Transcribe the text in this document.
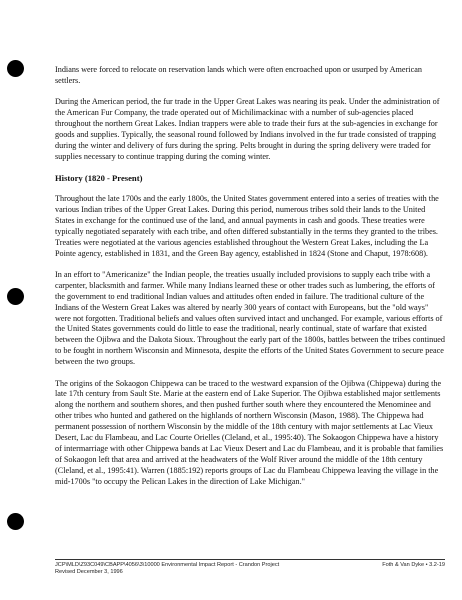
Indians were forced to relocate on reservation lands which were often encroached upon or usurped by American settlers.

During the American period, the fur trade in the Upper Great Lakes was nearing its peak. Under the administration of the American Fur Company, the trade operated out of Michilimackinac with a number of sub-agencies placed throughout the northern Great Lakes. Indian trappers were able to trade their furs at the sub-agencies in exchange for goods and supplies. Typically, the seasonal round followed by Indians involved in the fur trade consisted of trapping during the winter and delivery of furs during the spring. Pelts brought in during the spring delivery were traded for supplies necessary to continue trapping during the coming winter.

History (1820 - Present)

Throughout the late 1700s and the early 1800s, the United States government entered into a series of treaties with the various Indian tribes of the Upper Great Lakes. During this period, numerous tribes sold their lands to the United States in exchange for the continued use of the land, and annual payments in cash and goods. These treaties were typically negotiated separately with each tribe, and often differed substantially in the terms they granted to the tribes. Treaties were negotiated at the various agencies established throughout the Western Great Lakes, including the La Pointe agency, established in 1831, and the Green Bay agency, established in 1824 (Stone and Chaput, 1978:608).

In an effort to "Americanize" the Indian people, the treaties usually included provisions to supply each tribe with a carpenter, blacksmith and farmer. While many Indians learned these or other trades such as lumbering, the efforts of the government to end traditional Indian values and attitudes often ended in failure. The traditional culture of the Indians of the Western Great Lakes was altered by nearly 300 years of contact with Europeans, but the "old ways" were not forgotten. Traditional beliefs and values often survived intact and unchanged. For example, various efforts of the United States governments could do little to ease the traditional, nearly continual, state of warfare that existed between the Ojibwa and the Dakota Sioux. Throughout the early part of the 1800s, battles between the tribes continued to be fought in northern Wisconsin and Minnesota, despite the efforts of the United States Government to secure peace between the two groups.

The origins of the Sokaogon Chippewa can be traced to the westward expansion of the Ojibwa (Chippewa) during the late 17th century from Sault Ste. Marie at the eastern end of Lake Superior. The Ojibwa established major settlements along the northern and southern shores, and then pushed further south where they encountered the Menominee and other tribes who hunted and gathered on the highlands of northern Wisconsin (Mason, 1988). The Chippewa had permanent possession of northern Wisconsin by the middle of the 18th century with major settlements at Lac Vieux Desert, Lac du Flambeau, and Lac Courte Orielles (Cleland, et al., 1995:40). The Sokaogon Chippewa have a history of intermarriage with other Chippewa bands at Lac Vieux Desert and Lac du Flambeau, and it is probable that families of Sokaogon left that area and arrived at the headwaters of the Wolf River around the middle of the 18th century (Cleland, et al., 1995:41). Warren (1885:192) reports groups of Lac du Flambeau Chippewa leaving the village in the mid-1700s "to occupy the Pelican Lakes in the direction of Lake Michigan."

JCP\MLD\Z93C049\CBAPP\4056\3\10000 Environmental Impact Report - Crandon Project	Foth & Van Dyke • 3.2-19
Revised December 3, 1996
